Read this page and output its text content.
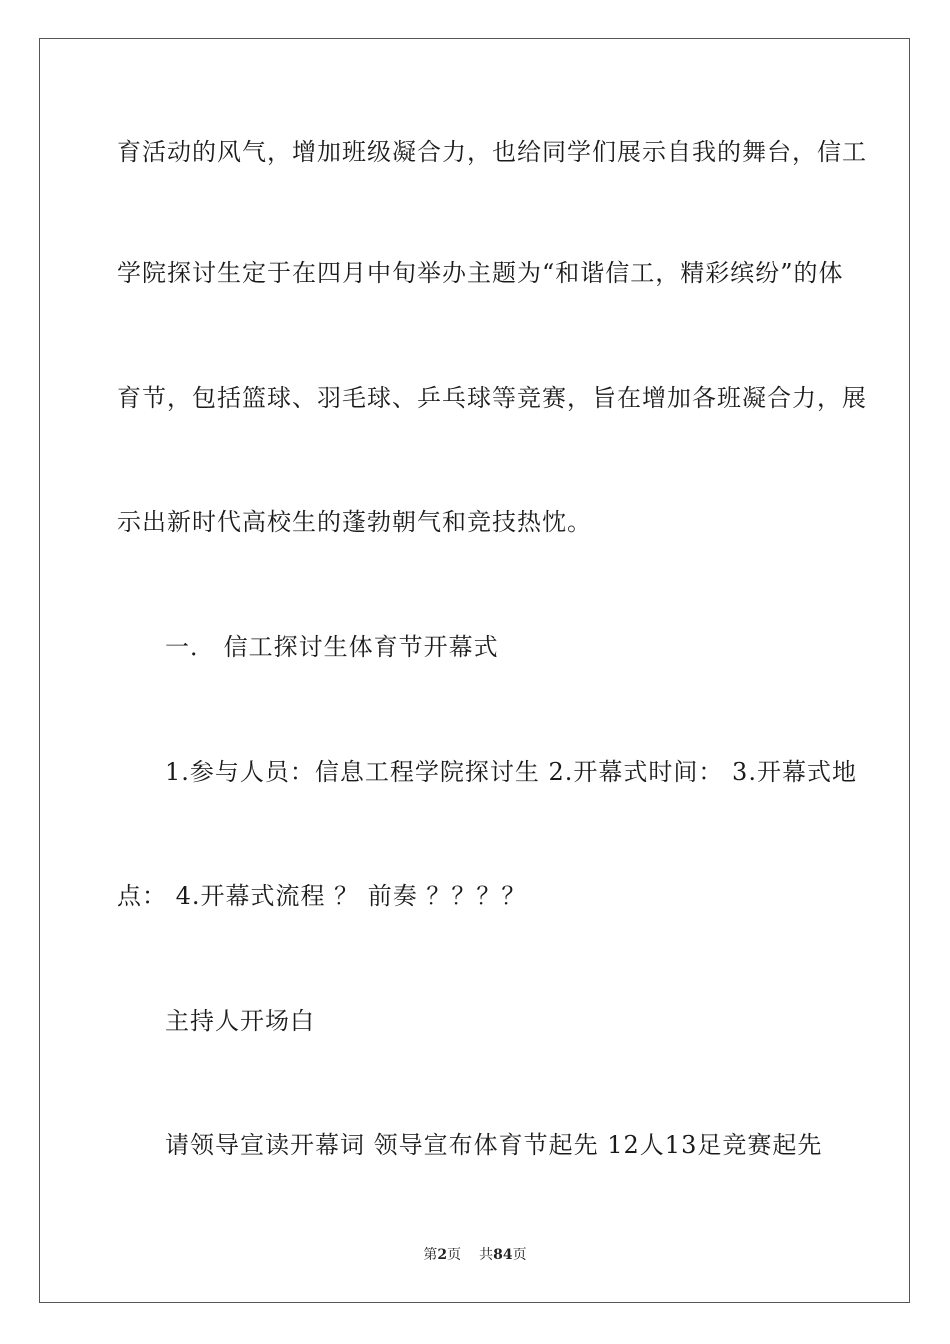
育活动的风气，增加班级凝合力，也给同学们展示自我的舞台，信工
学院探讨生定于在四月中旬举办主题为“和谐信工，精彩缤纷”的体
育节，包括篮球、羽毛球、乒乓球等竞赛，旨在增加各班凝合力，展
示出新时代高校生的蓬勃朝气和竞技热忱。
一． 信工探讨生体育节开幕式
1.参与人员：信息工程学院探讨生 2.开幕式时间： 3.开幕式地
点： 4.开幕式流程 ？ 前奏 ？？？？
主持人开场白
请领导宣读开幕词 领导宣布体育节起先 12人13足竞赛起先
第2页 共84页
